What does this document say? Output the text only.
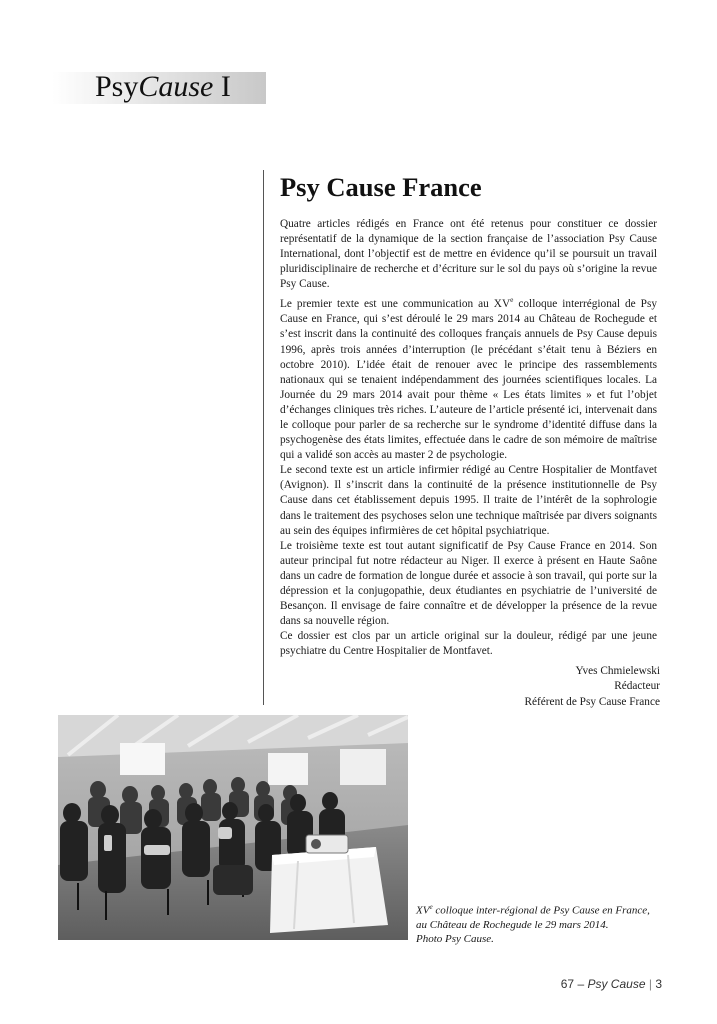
PsyCause I
Psy Cause France

Quatre articles rédigés en France ont été retenus pour constituer ce dossier représentatif de la dynamique de la section française de l’association Psy Cause International, dont l’objectif est de mettre en évidence qu’il se poursuit un travail pluridisciplinaire de recherche et d’écriture sur le sol du pays où s’origine la revue Psy Cause.

Le premier texte est une communication au XVe colloque interrégional de Psy Cause en France, qui s’est déroulé le 29 mars 2014 au Château de Rochegude et s’est inscrit dans la continuité des colloques français annuels de Psy Cause depuis 1996, après trois années d’interruption (le précédant s’était tenu à Béziers en octobre 2010). L’idée était de renouer avec le principe des rassemblements nationaux qui se tenaient indépendamment des journées scientifiques locales. La Journée du 29 mars 2014 avait pour thème « Les états limites » et fut l’objet d’échanges cliniques très riches. L’auteure de l’article présenté ici, intervenait dans le colloque pour parler de sa recherche sur le syndrome d’identité diffuse dans la psychogenèse des états limites, effectuée dans le cadre de son mémoire de maîtrise qui a validé son accès au master 2 de psychologie.

Le second texte est un article infirmier rédigé au Centre Hospitalier de Montfavet (Avignon). Il s’inscrit dans la continuité de la présence institutionnelle de Psy Cause dans cet établissement depuis 1995. Il traite de l’intérêt de la sophrologie dans le traitement des psychoses selon une technique maîtrisée par divers soignants au sein des équipes infirmières de cet hôpital psychiatrique.

Le troisième texte est tout autant significatif de Psy Cause France en 2014. Son auteur principal fut notre rédacteur au Niger. Il exerce à présent en Haute Saône dans un cadre de formation de longue durée et associe à son travail, qui porte sur la dépression et la conjugopathie, deux étudiantes en psychiatrie de l’université de Besançon. Il envisage de faire connaître et de développer la présence de la revue dans sa nouvelle région.

Ce dossier est clos par un article original sur la douleur, rédigé par une jeune psychiatre du Centre Hospitalier de Montfavet.

Yves Chmielewski
Rédacteur
Référent de Psy Cause France
XVe colloque inter-régional de Psy Cause en France,
au Château de Rochegude le 29 mars 2014.
Photo Psy Cause.
67 – Psy Cause | 3
